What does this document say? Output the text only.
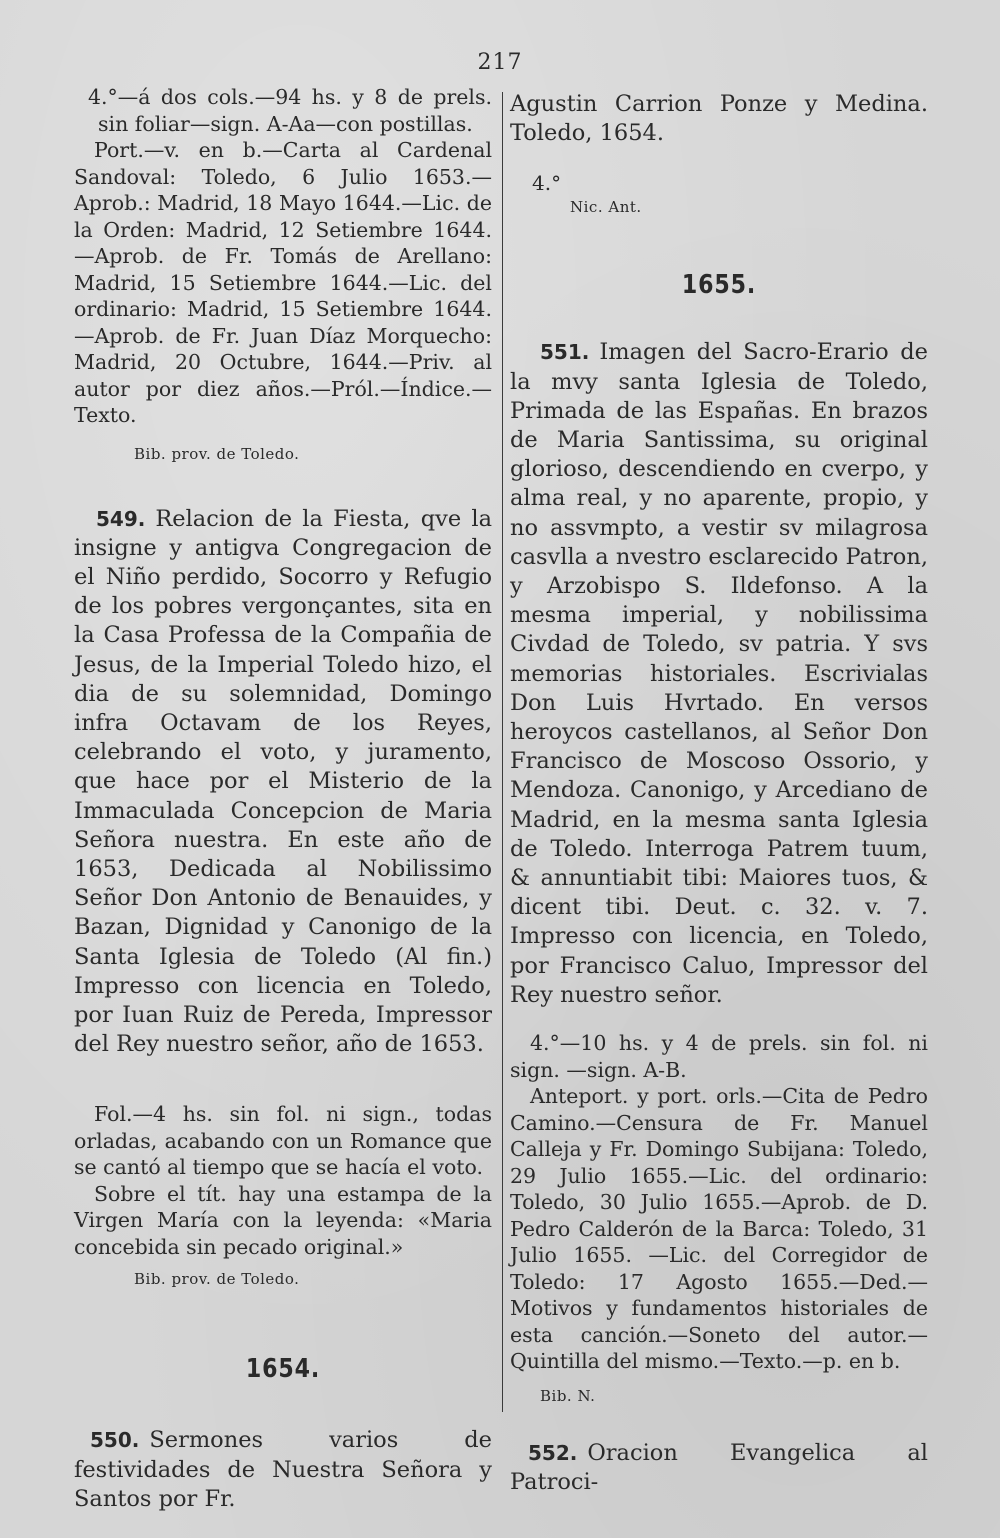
217

4.°—á dos cols.—94 hs. y 8 de prels. sin foliar—sign. A-Aa—con postillas.

Port.—v. en b.—Carta al Cardenal Sandoval: Toledo, 6 Julio 1653.—Aprob.: Madrid, 18 Mayo 1644.—Lic. de la Orden: Madrid, 12 Setiembre 1644.—Aprob. de Fr. Tomás de Arellano: Madrid, 15 Setiembre 1644.—Lic. del ordinario: Madrid, 15 Setiembre 1644.—Aprob. de Fr. Juan Díaz Morquecho: Madrid, 20 Octubre, 1644.—Priv. al autor por diez años.—Pról.—Índice.—Texto.

Bib. prov. de Toledo.

549. Relacion de la Fiesta, qve la insigne y antigva Congregacion de el Niño perdido, Socorro y Refugio de los pobres vergonçantes, sita en la Casa Professa de la Compañia de Jesus, de la Imperial Toledo hizo, el dia de su solemnidad, Domingo infra Octavam de los Reyes, celebrando el voto, y juramento, que hace por el Misterio de la Immaculada Concepcion de Maria Señora nuestra. En este año de 1653, Dedicada al Nobilissimo Señor Don Antonio de Benauides, y Bazan, Dignidad y Canonigo de la Santa Iglesia de Toledo (Al fin.) Impresso con licencia en Toledo, por Iuan Ruiz de Pereda, Impressor del Rey nuestro señor, año de 1653.

Fol.—4 hs. sin fol. ni sign., todas orladas, acabando con un Romance que se cantó al tiempo que se hacía el voto.

Sobre el tít. hay una estampa de la Virgen María con la leyenda: «Maria concebida sin pecado original.»

Bib. prov. de Toledo.
1654.

550. Sermones varios de festividades de Nuestra Señora y Santos por Fr.

Agustin Carrion Ponze y Medina. Toledo, 1654.

4.°
Nic. Ant.
1655.

551. Imagen del Sacro-Erario de la mvy santa Iglesia de Toledo, Primada de las Españas. En brazos de Maria Santissima, su original glorioso, descendiendo en cverpo, y alma real, y no aparente, propio, y no assvmpto, a vestir sv milagrosa casvlla a nvestro esclarecido Patron, y Arzobispo S. Ildefonso. A la mesma imperial, y nobilissima Civdad de Toledo, sv patria. Y svs memorias historiales. Escrivialas Don Luis Hvrtado. En versos heroycos castellanos, al Señor Don Francisco de Moscoso Ossorio, y Mendoza. Canonigo, y Arcediano de Madrid, en la mesma santa Iglesia de Toledo. Interroga Patrem tuum, & annuntiabit tibi: Maiores tuos, & dicent tibi. Deut. c. 32. v. 7. Impresso con licencia, en Toledo, por Francisco Caluo, Impressor del Rey nuestro señor.

4.°—10 hs. y 4 de prels. sin fol. ni sign. —sign. A-B.

Anteport. y port. orls.—Cita de Pedro Camino.—Censura de Fr. Manuel Calleja y Fr. Domingo Subijana: Toledo, 29 Julio 1655.—Lic. del ordinario: Toledo, 30 Julio 1655.—Aprob. de D. Pedro Calderón de la Barca: Toledo, 31 Julio 1655. —Lic. del Corregidor de Toledo: 17 Agosto 1655.—Ded.—Motivos y fundamentos historiales de esta canción.—Soneto del autor.—Quintilla del mismo.—Texto.—p. en b.

Bib. N.

552. Oracion Evangelica al Patroci-
